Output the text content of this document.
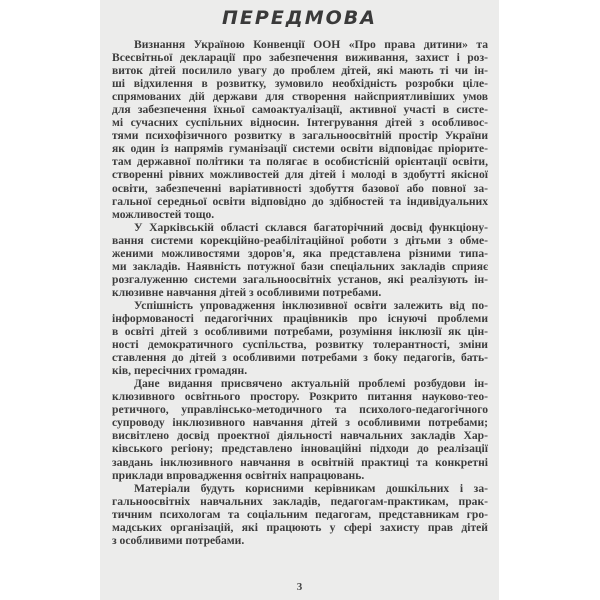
ПЕРЕДМОВА
Визнання Україною Конвенції ООН «Про права дитини» та
Всесвітньої декларації про забезпечення виживання, захист і роз-
виток дітей посилило увагу до проблем дітей, які мають ті чи ін-
ші відхилення в розвитку, зумовило необхідність розробки ціле-
спрямованих дій держави для створення найсприятливіших умов
для забезпечення їхньої самоактуалізації, активної участі в систе-
мі сучасних суспільних відносин. Інтегрування дітей з особливос-
тями психофізичного розвитку в загальноосвітній простір України
як один із напрямів гуманізації системи освіти відповідає пріорите-
там державної політики та полягає в особистісній орієнтації освіти,
створенні рівних можливостей для дітей і молоді в здобутті якісної
освіти, забезпеченні варіативності здобуття базової або повної за-
гальної середньої освіти відповідно до здібностей та індивідуальних
можливостей тощо.
У Харківській області склався багаторічний досвід функціону-
вання системи корекційно-реабілітаційної роботи з дітьми з обме-
женими можливостями здоров'я, яка представлена різними типа-
ми закладів. Наявність потужної бази спеціальних закладів сприяє
розгалуженню системи загальноосвітніх установ, які реалізують ін-
клюзивне навчання дітей з особливими потребами.
Успішність упровадження інклюзивної освіти залежить від по-
інформованості педагогічних працівників про існуючі проблеми
в освіті дітей з особливими потребами, розуміння інклюзії як цін-
ності демократичного суспільства, розвитку толерантності, зміни
ставлення до дітей з особливими потребами з боку педагогів, бать-
ків, пересічних громадян.
Дане видання присвячено актуальній проблемі розбудови ін-
клюзивного освітнього простору. Розкрито питання науково-тео-
ретичного, управлінсько-методичного та психолого-педагогічного
супроводу інклюзивного навчання дітей з особливими потребами;
висвітлено досвід проектної діяльності навчальних закладів Хар-
ківського регіону; представлено інноваційні підходи до реалізації
завдань інклюзивного навчання в освітній практиці та конкретні
приклади впровадження освітніх напрацювань.
Матеріали будуть корисними керівникам дошкільних і за-
гальноосвітніх навчальних закладів, педагогам-практикам, прак-
тичним психологам та соціальним педагогам, представникам гро-
мадських організацій, які працюють у сфері захисту прав дітей
з особливими потребами.
3
